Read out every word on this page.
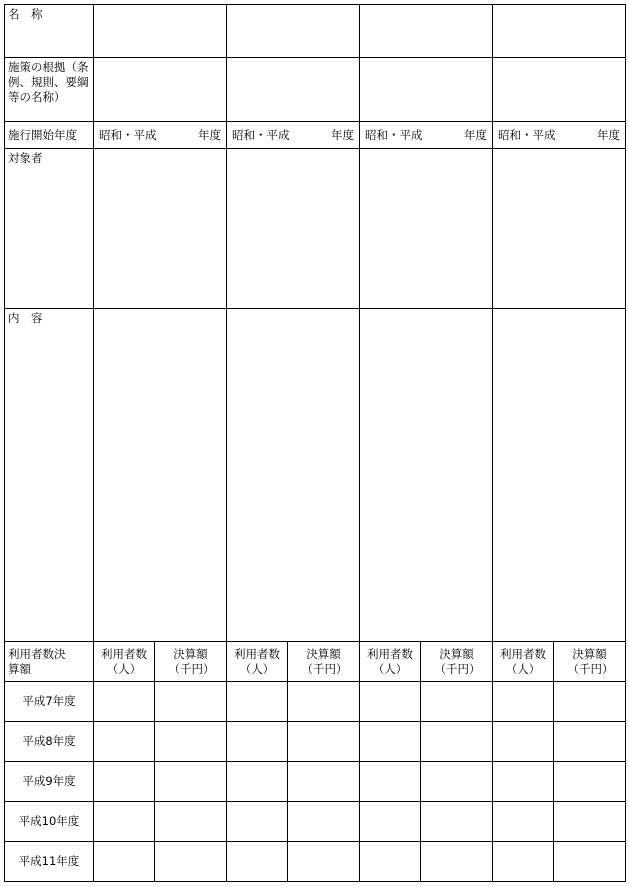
名　称								
施策の根拠（条例、規則、要綱等の名称）								
施行開始年度	昭和・平成 年度		昭和・平成 年度		昭和・平成 年度		昭和・平成 年度	

対象者								
内　容								

利用者数決算額	利用者数（人）	決算額（千円）	利用者数（人）	決算額（千円）	利用者数（人）	決算額（千円）	利用者数（人）	決算額（千円）

平成7年度								
平成8年度								
平成9年度								
平成10年度								
平成11年度								
